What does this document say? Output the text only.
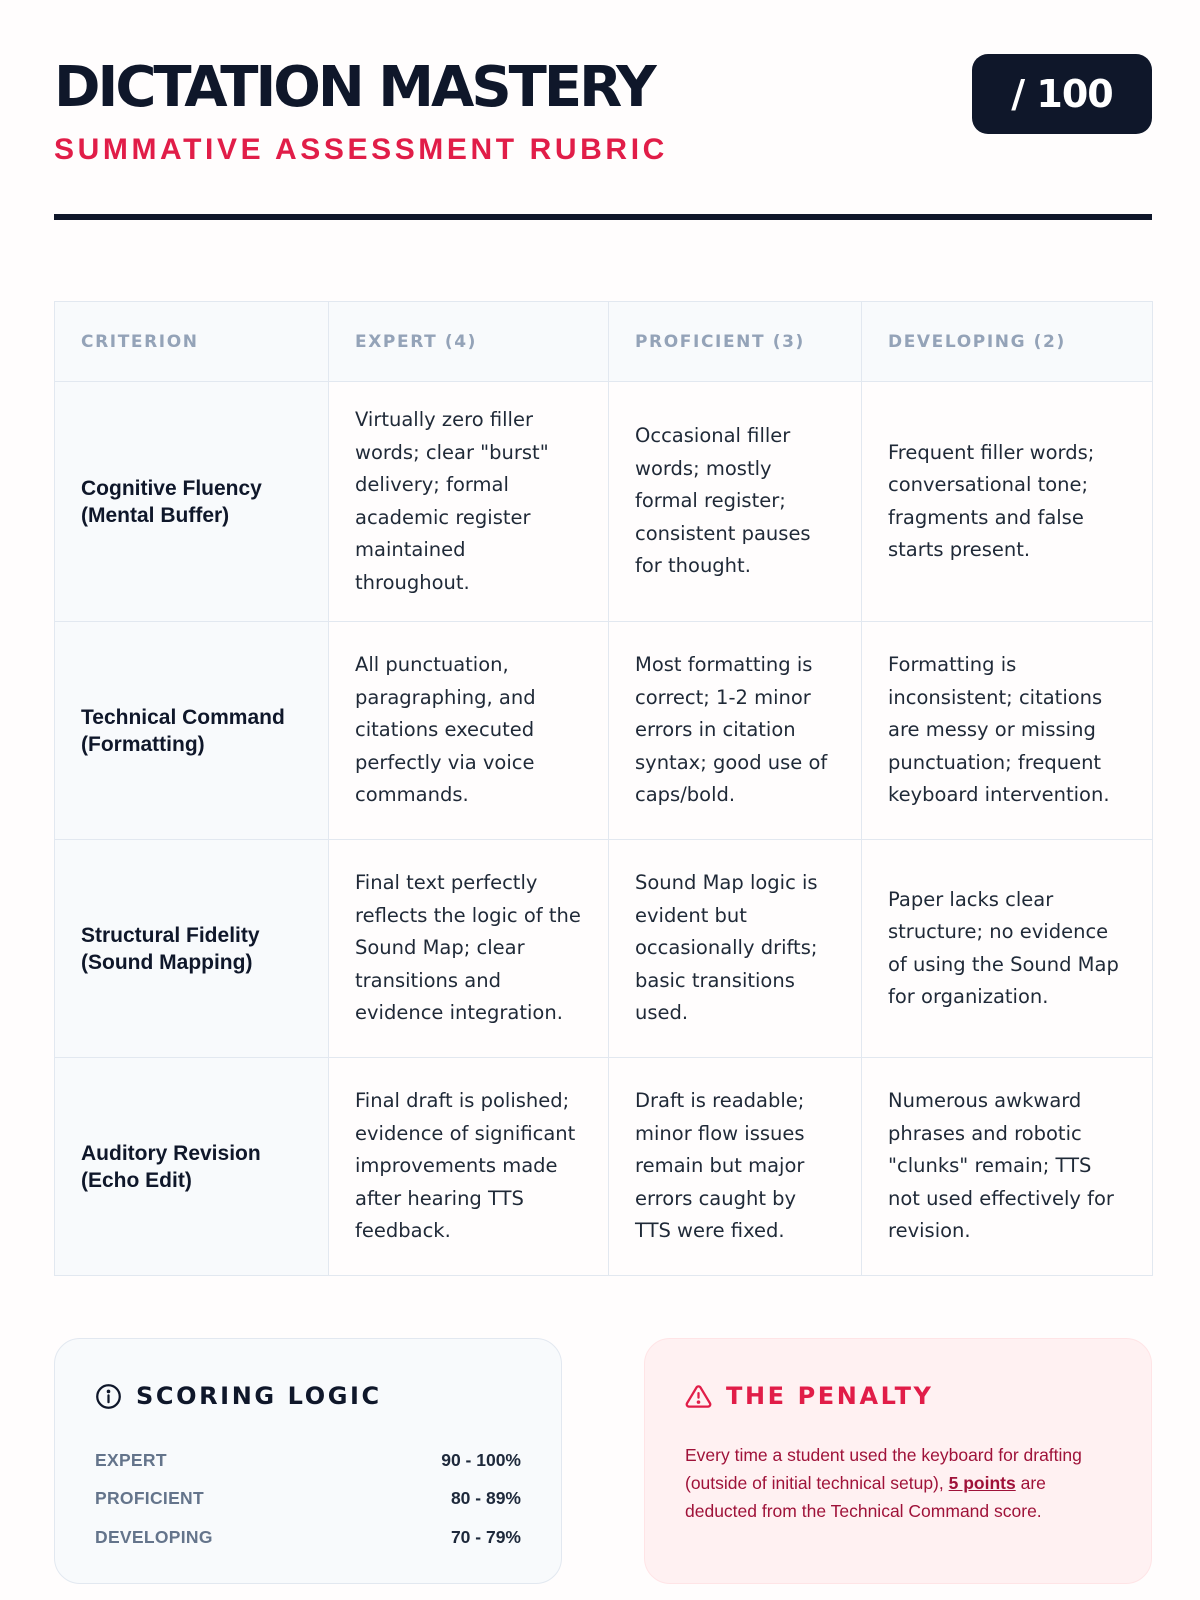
DICTATION MASTERY
SUMMATIVE ASSESSMENT RUBRIC
/ 100
CRITERION	EXPERT (4)	PROFICIENT (3)	DEVELOPING (2)

Cognitive Fluency
(Mental Buffer)	Virtually zero filler words; clear "burst" delivery; formal academic register maintained throughout.	Occasional filler words; mostly formal register; consistent pauses for thought.	Frequent filler words; conversational tone; fragments and false starts present.

Technical Command
(Formatting)	All punctuation, paragraphing, and citations executed perfectly via voice commands.	Most formatting is correct; 1-2 minor errors in citation syntax; good use of caps/bold.	Formatting is inconsistent; citations are messy or missing punctuation; frequent keyboard intervention.

Structural Fidelity
(Sound Mapping)	Final text perfectly reflects the logic of the Sound Map; clear transitions and evidence integration.	Sound Map logic is evident but occasionally drifts; basic transitions used.	Paper lacks clear structure; no evidence of using the Sound Map for organization.

Auditory Revision
(Echo Edit)	Final draft is polished; evidence of significant improvements made after hearing TTS feedback.	Draft is readable; minor flow issues remain but major errors caught by TTS were fixed.	Numerous awkward phrases and robotic "clunks" remain; TTS not used effectively for revision.
SCORING LOGIC
EXPERT	90 - 100%
PROFICIENT	80 - 89%
DEVELOPING	70 - 79%
THE PENALTY

Every time a student used the keyboard for drafting (outside of initial technical setup), 5 points are deducted from the Technical Command score.
